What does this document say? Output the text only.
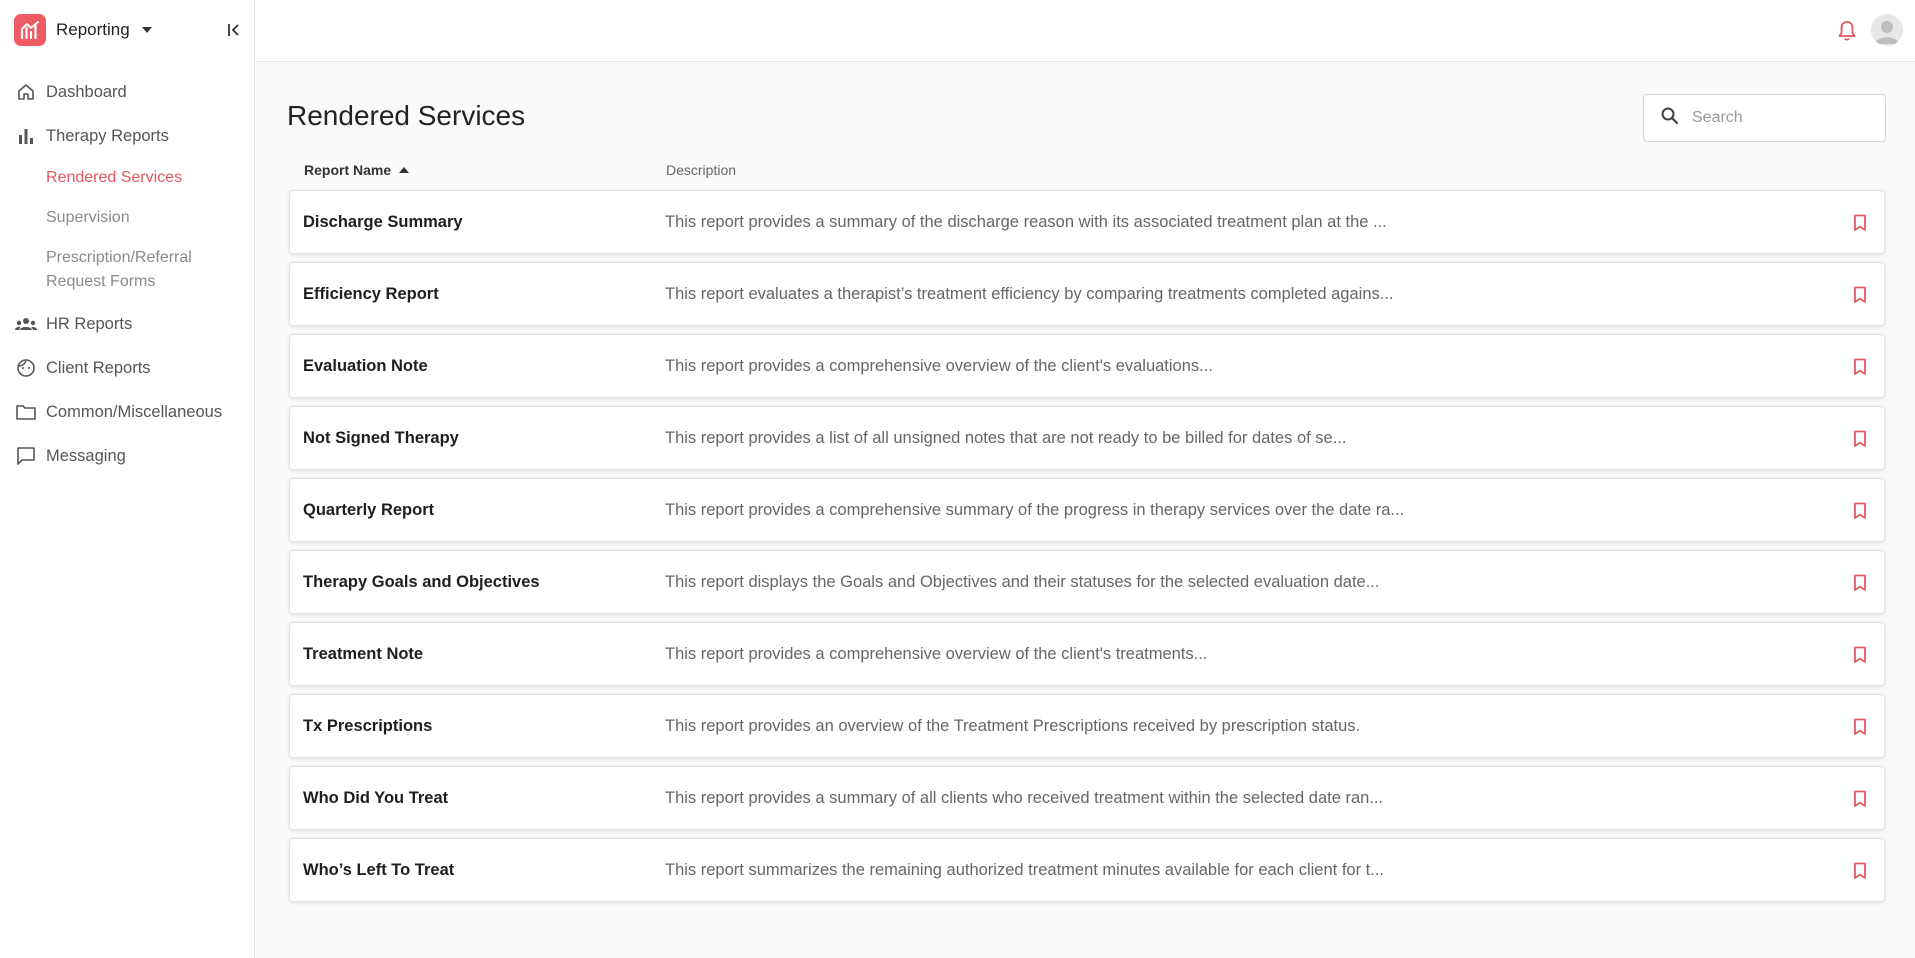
Reporting
Dashboard
Therapy Reports
Rendered Services
Supervision
Prescription/Referral Request Forms
HR Reports
Client Reports
Common/Miscellaneous
Messaging
Rendered Services
Search
Report Name	Description
Discharge Summary	This report provides a summary of the discharge reason with its associated treatment plan at the ...
Efficiency Report	This report evaluates a therapist’s treatment efficiency by comparing treatments completed agains...
Evaluation Note	This report provides a comprehensive overview of the client's evaluations...
Not Signed Therapy	This report provides a list of all unsigned notes that are not ready to be billed for dates of se...
Quarterly Report	This report provides a comprehensive summary of the progress in therapy services over the date ra...
Therapy Goals and Objectives	This report displays the Goals and Objectives and their statuses for the selected evaluation date...
Treatment Note	This report provides a comprehensive overview of the client's treatments...
Tx Prescriptions	This report provides an overview of the Treatment Prescriptions received by prescription status.
Who Did You Treat	This report provides a summary of all clients who received treatment within the selected date ran...
Who’s Left To Treat	This report summarizes the remaining authorized treatment minutes available for each client for t...
